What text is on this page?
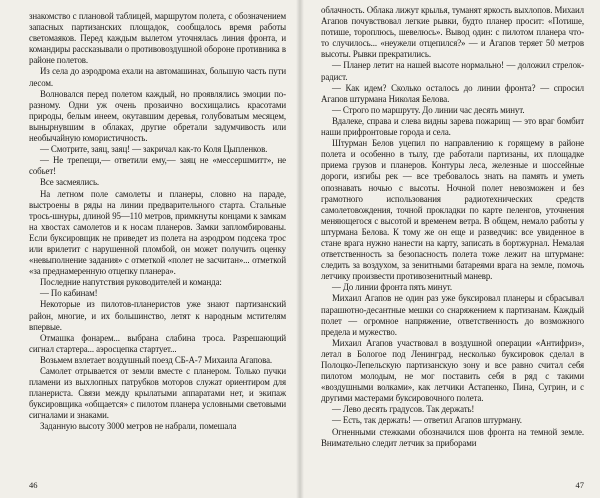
знакомство с плановой таблицей, маршрутом полета, с обозначением запасных партизанских площадок, сообщалось время работы светомаяков. Перед каждым вылетом уточнялась линия фронта, и командиры рассказывали о противовоздушной обороне противника в районе полетов.

Из села до аэродрома ехали на автомашинах, большую часть пути лесом.

Волновался перед полетом каждый, но проявлялись эмоции по-разному. Одни уж очень прозаично восхищались красотами природы, белым инеем, окутавшим деревья, голубоватым месяцем, вынырнувшим в облаках, другие обретали задумчивость или необычайную юмористичность.

— Смотрите, заяц, заяц! — закричал как-то Коля Цыпленков.

— Не трепещи,— ответили ему,— заяц не «мессершмитт», не собьет!

Все засмеялись.

На летном поле самолеты и планеры, словно на параде, выстроены в ряды на линии предварительного старта. Стальные трось-шнуры, длиной 95—110 метров, примкнуты концами к замкам на хвостах самолетов и к носам планеров. Замки запломбированы. Если буксировщик не приведет из полета на аэродром подсека трос или врилетит с нарушенной пломбой, он может получить оценку «невыполнение задания» с отметкой «полет не засчитан»... отметкой «за преднамеренную отцепку планера».

Последние напутствия руководителей и команда:

— По кабинам!

Некоторые из пилотов-планеристов уже знают партизанский район, многие, и их большинство, летят к народным мстителям впервые.

Отмашка фонарем... выбрана слабина троса. Разрешающий сигнал стартера... аэросцепка стартует...

Возьмем взлетает воздушный поезд СБ-А-7 Михаила Агапова.

Самолет отрывается от земли вместе с планером. Только пучки пламени из выхлопных патрубков моторов служат ориентиром для планериста. Связи между крылатыми аппаратами нет, и экипаж буксировщика «общается» с пилотом планера условными световыми сигналами и знаками.

Заданную высоту 3000 метров не набрали, помешала

46

облачность. Облака лижут крылья, туманят яркость выхлопов. Михаил Агапов почувствовал легкие рывки, будто планер просит: «Потише, потише, тороплюсь, шевелюсь». Вывод один: с пилотом планера что-то случилось... «неужели отцепился?» — и Агапов теряет 50 метров высоты. Рывки прекратились.

— Планер летит на нашей высоте нормально! — доложил стрелок-радист.

— Как идем? Сколько осталось до линии фронта? — спросил Агапов штурмана Николая Белова.

— Строго по маршруту. До линии час десять минут.

Вдалеке, справа и слева видны зарева пожарищ — это враг бомбит наши прифронтовые города и села.

Штурман Белов уцепил по направлению к горящему в районе полета и особенно в тылу, где работали партизаны, их площадке приема грузов и планеров. Контуры леса, железные и шоссейные дороги, изгибы рек — все требовалось знать на память и уметь опознавать ночью с высоты. Ночной полет невозможен и без грамотного использования радиотехнических средств самолетовождения, точной прокладки по карте пеленгов, уточнения меняющегося с высотой и временем ветра. В общем, немало работы у штурмана Белова. К тому же он еще и разведчик: все увиденное в стане врага нужно нанести на карту, записать в бортжурнал. Немалая ответственность за безопасность полета тоже лежит на штурмане: следить за воздухом, за зенитными батареями врага на земле, помочь летчику произвести противозенитный маневр.

— До линии фронта пять минут.

Михаил Агапов не один раз уже буксировал планеры и сбрасывал парашютно-десантные мешки со снаряжением к партизанам. Каждый полет — огромное напряжение, ответственность до возможного предела и мужество.

Михаил Агапов участвовал в воздушной операции «Антифриз», летал в Бологое под Ленинград, несколько буксировок сделал в Полоцко-Лепельскую партизанскую зону и все равно считал себя пилотом молодым, не мог поставить себя в ряд с такими «воздушными волками», как летчики Астапенко, Пина, Сугрин, и с другими мастерами буксировочного полета.

— Лево десять градусов. Так держать!

— Есть, так держать! — ответил Агапов штурману.

Огненными стежками обозначился шов фронта на темной земле. Внимательно следит летчик за приборами

47
